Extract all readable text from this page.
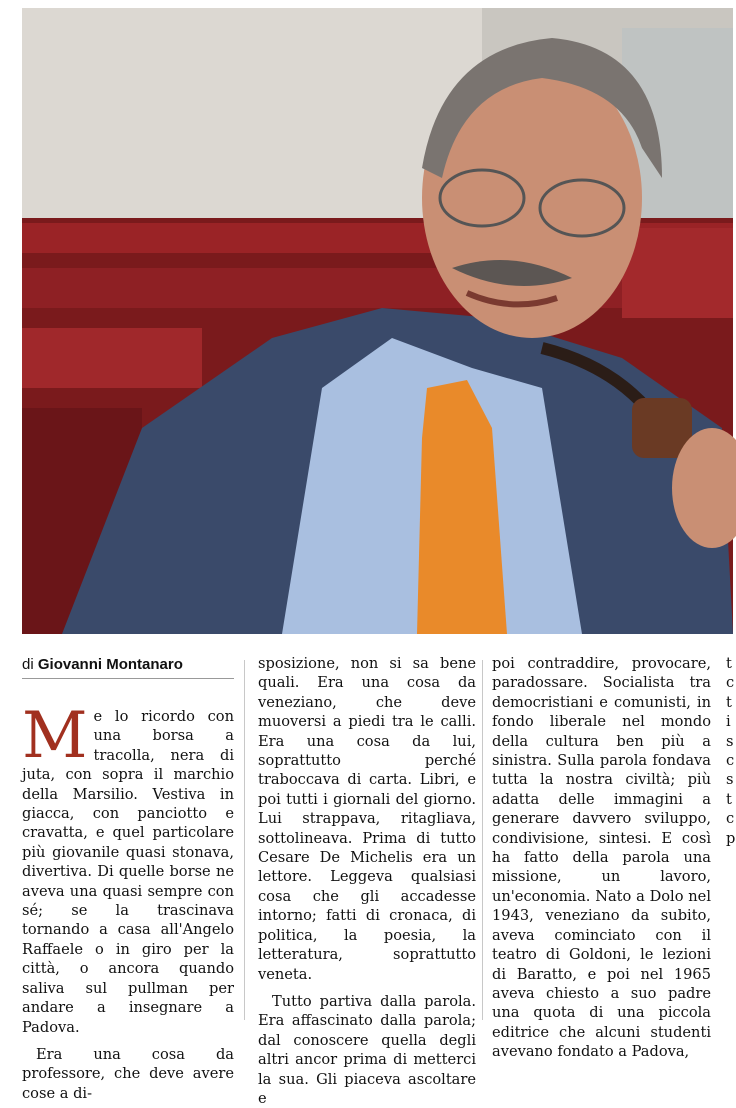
di Giovanni Montanaro

Me lo ricordo con una borsa a tracolla, nera di juta, con sopra il marchio della Marsilio. Vestiva in giacca, con panciotto e cravatta, e quel particolare più giovanile quasi stonava, divertiva. Di quelle borse ne aveva una quasi sempre con sé; se la trascinava tornando a casa all'Angelo Raffaele o in giro per la città, o ancora quando saliva sul pullman per andare a insegnare a Padova.

Era una cosa da professore, che deve avere cose a di-

sposizione, non si sa bene quali. Era una cosa da veneziano, che deve muoversi a piedi tra le calli. Era una cosa da lui, soprattutto perché traboccava di carta. Libri, e poi tutti i giornali del giorno. Lui strappava, ritagliava, sottolineava. Prima di tutto Cesare De Michelis era un lettore. Leggeva qualsiasi cosa che gli accadesse intorno; fatti di cronaca, di politica, la poesia, la letteratura, soprattutto veneta.

Tutto partiva dalla parola. Era affascinato dalla parola; dal conoscere quella degli altri ancor prima di metterci la sua. Gli piaceva ascoltare e

poi contraddire, provocare, paradossare. Socialista tra democristiani e comunisti, in fondo liberale nel mondo della cultura ben più a sinistra. Sulla parola fondava tutta la nostra civiltà; più adatta delle immagini a generare davvero sviluppo, condivisione, sintesi. E così ha fatto della parola una missione, un lavoro, un'economia. Nato a Dolo nel 1943, veneziano da subito, aveva cominciato con il teatro di Goldoni, le lezioni di Baratto, e poi nel 1965 aveva chiesto a suo padre una quota di una piccola editrice che alcuni studenti avevano fondato a Padova,

t c t i s c s t c p
